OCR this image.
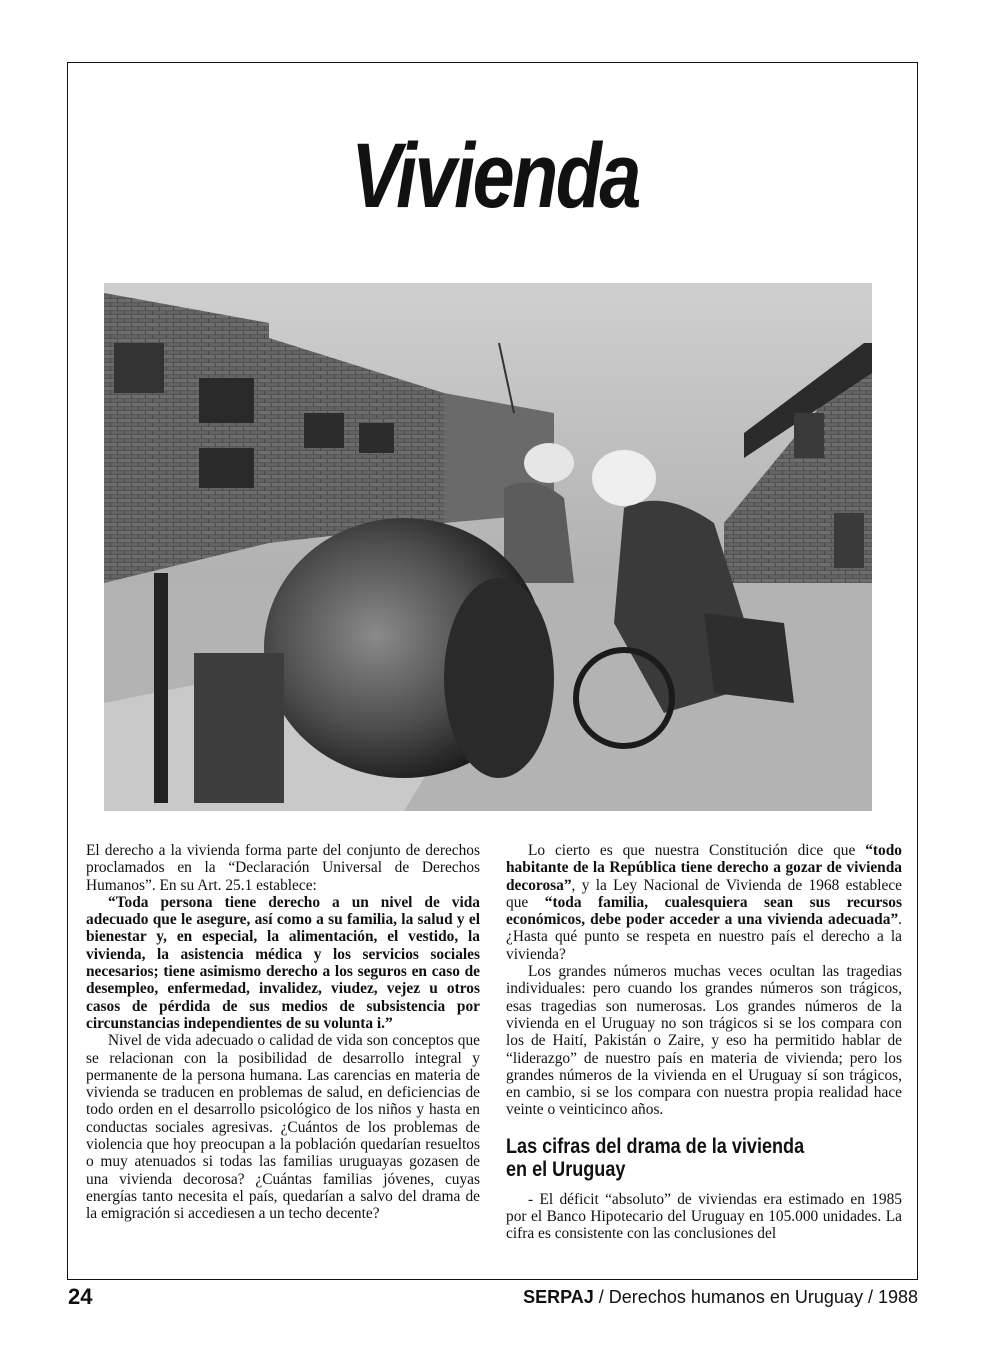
Vivienda

El derecho a la vivienda forma parte del conjunto de derechos proclamados en la “Declaración Universal de Derechos Humanos”. En su Art. 25.1 establece:

“Toda persona tiene derecho a un nivel de vida adecuado que le asegure, así como a su familia, la salud y el bienestar y, en especial, la alimentación, el vestido, la vivienda, la asistencia médica y los servicios sociales necesarios; tiene asimismo derecho a los seguros en caso de desempleo, enfermedad, invalidez, viudez, vejez u otros casos de pérdida de sus medios de subsistencia por circunstancias independientes de su volunta i.”

Nivel de vida adecuado o calidad de vida son conceptos que se relacionan con la posibilidad de desarrollo integral y permanente de la persona humana. Las carencias en materia de vivienda se traducen en problemas de salud, en deficiencias de todo orden en el desarrollo psicológico de los niños y hasta en conductas sociales agresivas. ¿Cuántos de los problemas de violencia que hoy preocupan a la población quedarían resueltos o muy atenuados si todas las familias uruguayas gozasen de una vivienda decorosa? ¿Cuántas familias jóvenes, cuyas energías tanto necesita el país, quedarían a salvo del drama de la emigración si accediesen a un techo decente?

Lo cierto es que nuestra Constitución dice que “todo habitante de la República tiene derecho a gozar de vivienda decorosa”, y la Ley Nacional de Vivienda de 1968 establece que “toda familia, cualesquiera sean sus recursos económicos, debe poder acceder a una vivienda adecuada”. ¿Hasta qué punto se respeta en nuestro país el derecho a la vivienda?

Los grandes números muchas veces ocultan las tragedias individuales: pero cuando los grandes números son trágicos, esas tragedias son numerosas. Los grandes números de la vivienda en el Uruguay no son trágicos si se los compara con los de Haití, Pakistán o Zaire, y eso ha permitido hablar de “liderazgo” de nuestro país en materia de vivienda; pero los grandes números de la vivienda en el Uruguay sí son trágicos, en cambio, si se los compara con nuestra propia realidad hace veinte o veinticinco años.

Las cifras del drama de la vivienda
en el Uruguay

- El déficit “absoluto” de viviendas era estimado en 1985 por el Banco Hipotecario del Uruguay en 105.000 unidades. La cifra es consistente con las conclusiones del

24	SERPAJ / Derechos humanos en Uruguay / 1988
